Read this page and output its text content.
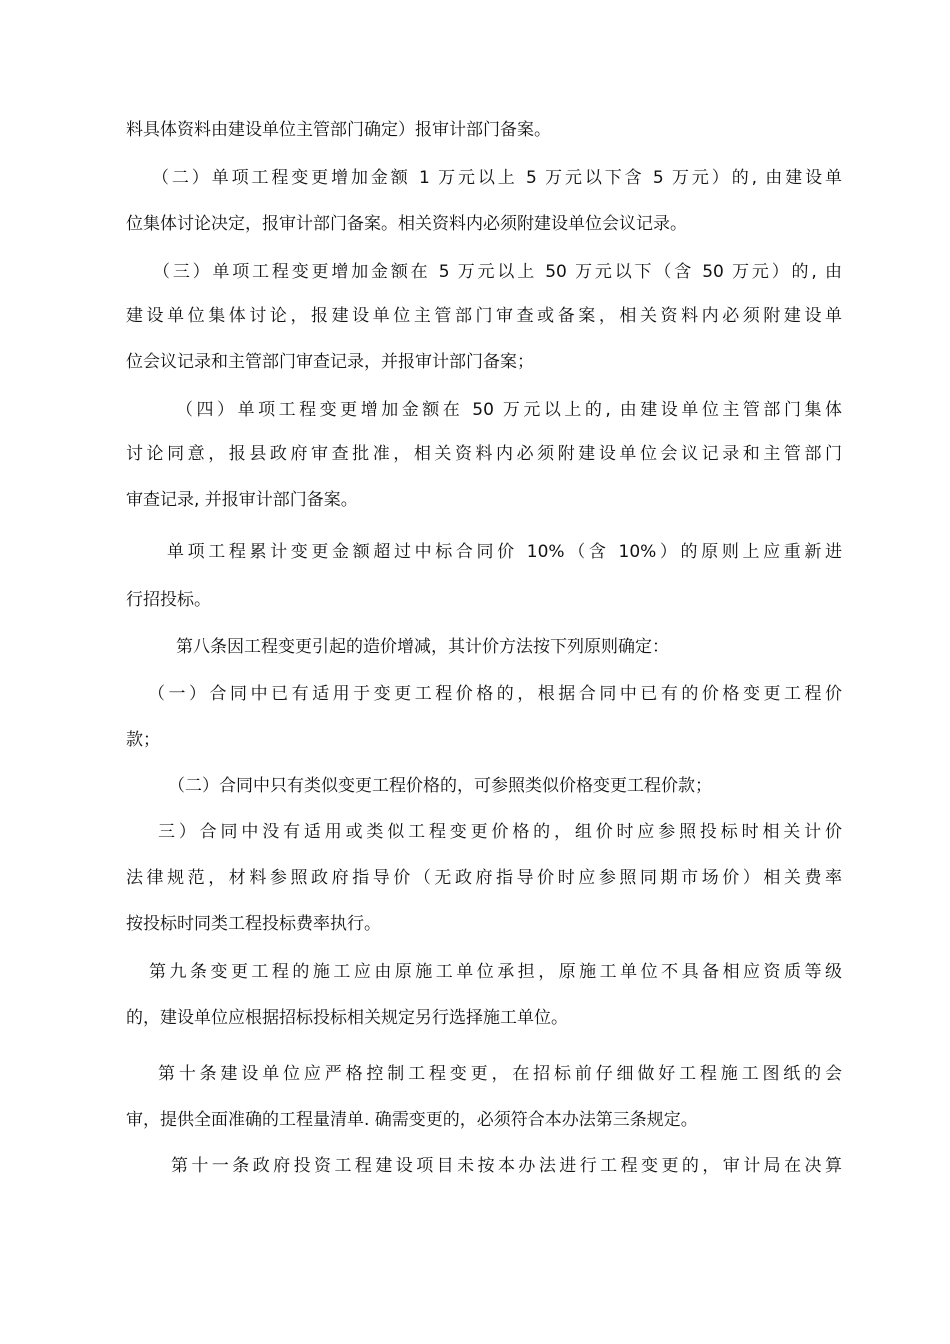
料具体资料由建设单位主管部门确定）报审计部门备案。
（二）单项工程变更增加金额 1 万元以上 5 万元以下含 5 万元）的, 由建设单
位集体讨论决定，报审计部门备案。相关资料内必须附建设单位会议记录。
（三）单项工程变更增加金额在 5 万元以上 50 万元以下（含 50 万元）的, 由
建设单位集体讨论，报建设单位主管部门审查或备案，相关资料内必须附建设单
位会议记录和主管部门审查记录，并报审计部门备案；
（四）单项工程变更增加金额在 50 万元以上的, 由建设单位主管部门集体
讨论同意，报县政府审查批准，相关资料内必须附建设单位会议记录和主管部门
审查记录, 并报审计部门备案。
单项工程累计变更金额超过中标合同价 10%（含 10%）的原则上应重新进
行招投标。
第八条因工程变更引起的造价增减，其计价方法按下列原则确定：
（一）合同中已有适用于变更工程价格的，根据合同中已有的价格变更工程价
款；
（二）合同中只有类似变更工程价格的，可参照类似价格变更工程价款；
三）合同中没有适用或类似工程变更价格的，组价时应参照投标时相关计价
法律规范，材料参照政府指导价（无政府指导价时应参照同期市场价）相关费率
按投标时同类工程投标费率执行。
第九条变更工程的施工应由原施工单位承担，原施工单位不具备相应资质等级
的，建设单位应根据招标投标相关规定另行选择施工单位。
第十条建设单位应严格控制工程变更，在招标前仔细做好工程施工图纸的会
审，提供全面准确的工程量清单. 确需变更的，必须符合本办法第三条规定。
第十一条政府投资工程建设项目未按本办法进行工程变更的，审计局在决算
